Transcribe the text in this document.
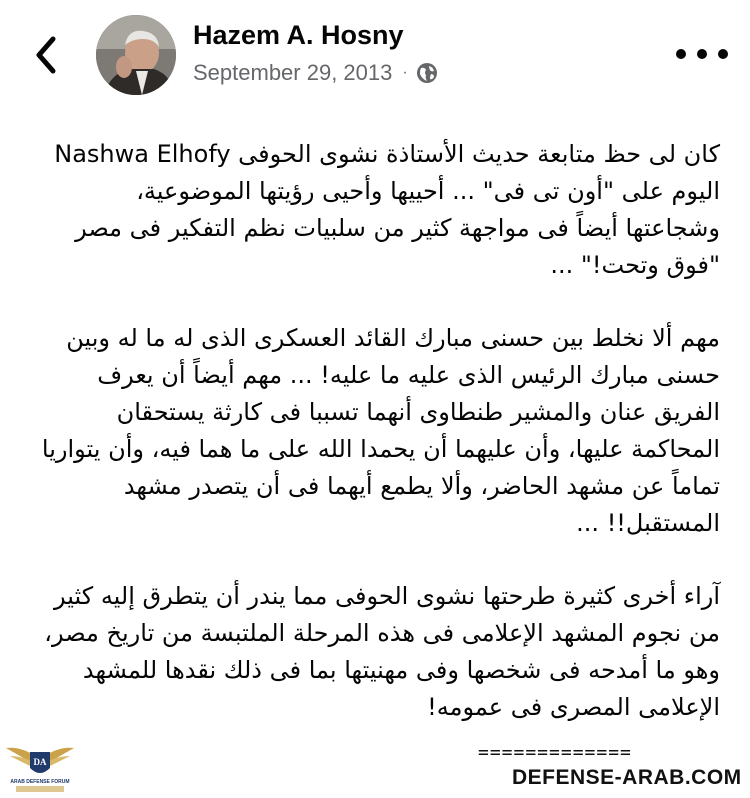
Hazem A. Hosny
September 29, 2013 ·

كان لى حظ متابعة حديث الأستاذة نشوى الحوفى Nashwa Elhofy اليوم على "أون تى فى" ... أحييها وأحيى رؤيتها الموضوعية، وشجاعتها أيضاً فى مواجهة كثير من سلبيات نظم التفكير فى مصر "فوق وتحت!" ...

مهم ألا نخلط بين حسنى مبارك القائد العسكرى الذى له ما له وبين حسنى مبارك الرئيس الذى عليه ما عليه! ... مهم أيضاً أن يعرف الفريق عنان والمشير طنطاوى أنهما تسببا فى كارثة يستحقان المحاكمة عليها، وأن عليهما أن يحمدا الله على ما هما فيه، وأن يتواريا تماماً عن مشهد الحاضر، وألا يطمع أيهما فى أن يتصدر مشهد المستقبل!! ...

آراء أخرى كثيرة طرحتها نشوى الحوفى مما يندر أن يتطرق إليه كثير من نجوم المشهد الإعلامى فى هذه المرحلة الملتبسة من تاريخ مصر، وهو ما أمدحه فى شخصها وفى مهنيتها بما فى ذلك نقدها للمشهد الإعلامى المصرى فى عمومه!

=============
DEFENSE-ARAB.COM
DA
ARAB DEFENSE FORUM
